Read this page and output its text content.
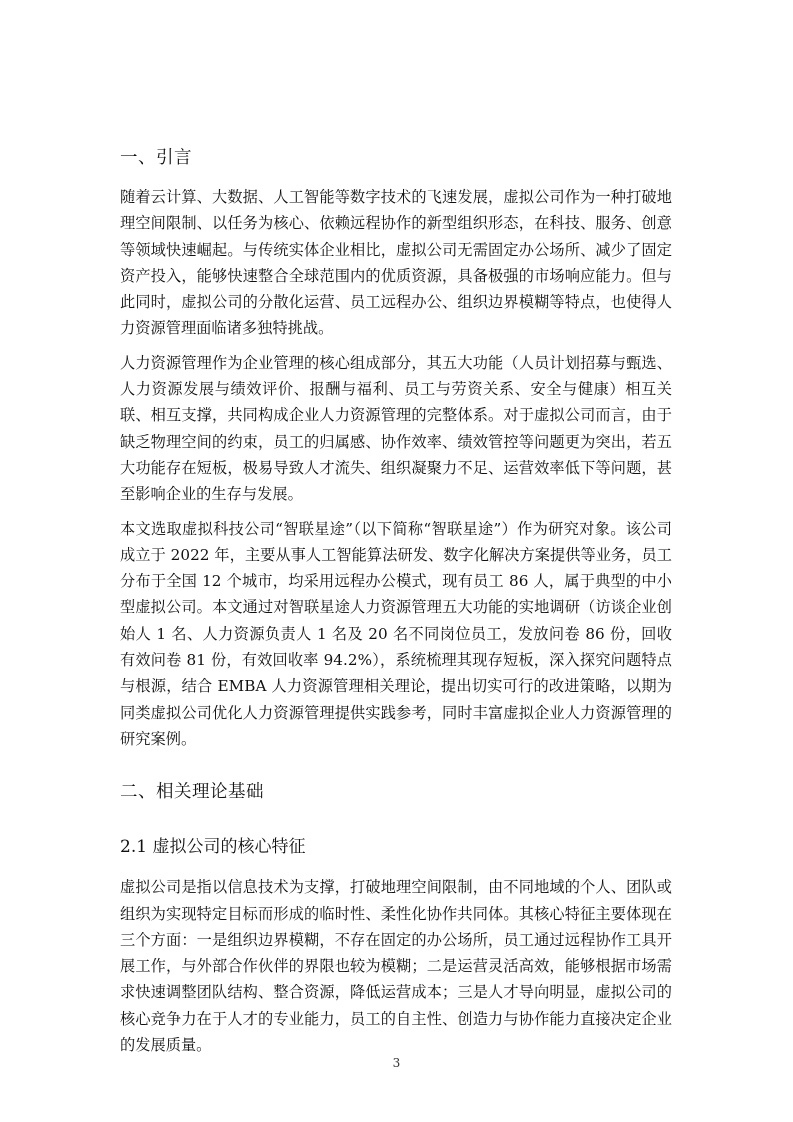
一、引言

随着云计算、大数据、人工智能等数字技术的飞速发展，虚拟公司作为一种打破地理空间限制、以任务为核心、依赖远程协作的新型组织形态，在科技、服务、创意等领域快速崛起。与传统实体企业相比，虚拟公司无需固定办公场所、减少了固定资产投入，能够快速整合全球范围内的优质资源，具备极强的市场响应能力。但与此同时，虚拟公司的分散化运营、员工远程办公、组织边界模糊等特点，也使得人力资源管理面临诸多独特挑战。

人力资源管理作为企业管理的核心组成部分，其五大功能（人员计划招募与甄选、人力资源发展与绩效评价、报酬与福利、员工与劳资关系、安全与健康）相互关联、相互支撑，共同构成企业人力资源管理的完整体系。对于虚拟公司而言，由于缺乏物理空间的约束，员工的归属感、协作效率、绩效管控等问题更为突出，若五大功能存在短板，极易导致人才流失、组织凝聚力不足、运营效率低下等问题，甚至影响企业的生存与发展。

本文选取虚拟科技公司“智联星途”（以下简称“智联星途”）作为研究对象。该公司成立于 2022 年，主要从事人工智能算法研发、数字化解决方案提供等业务，员工分布于全国 12 个城市，均采用远程办公模式，现有员工 86 人，属于典型的中小型虚拟公司。本文通过对智联星途人力资源管理五大功能的实地调研（访谈企业创始人 1 名、人力资源负责人 1 名及 20 名不同岗位员工，发放问卷 86 份，回收有效问卷 81 份，有效回收率 94.2%），系统梳理其现存短板，深入探究问题特点与根源，结合 EMBA 人力资源管理相关理论，提出切实可行的改进策略，以期为同类虚拟公司优化人力资源管理提供实践参考，同时丰富虚拟企业人力资源管理的研究案例。

二、相关理论基础
2.1 虚拟公司的核心特征

虚拟公司是指以信息技术为支撑，打破地理空间限制，由不同地域的个人、团队或组织为实现特定目标而形成的临时性、柔性化协作共同体。其核心特征主要体现在三个方面：一是组织边界模糊，不存在固定的办公场所，员工通过远程协作工具开展工作，与外部合作伙伴的界限也较为模糊；二是运营灵活高效，能够根据市场需求快速调整团队结构、整合资源，降低运营成本；三是人才导向明显，虚拟公司的核心竞争力在于人才的专业能力，员工的自主性、创造力与协作能力直接决定企业的发展质量。

3
